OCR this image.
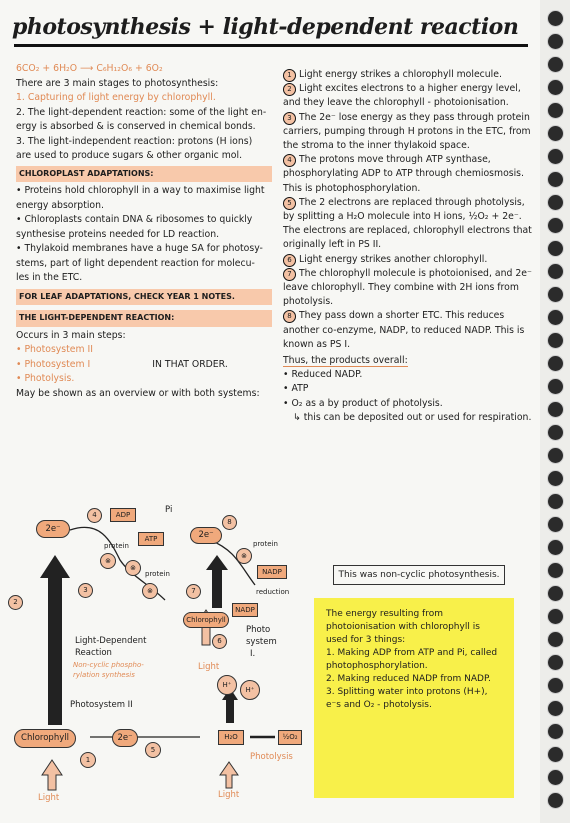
photosynthesis + light-dependent reaction
6CO₂ + 6H₂O ⟶ C₆H₁₂O₆ + 6O₂
There are 3 main stages to photosynthesis:
1. Capturing of light energy by chlorophyll.
2. The light-dependent reaction: some of the light en-
ergy is absorbed & is conserved in chemical bonds.
3. The light-independent reaction: protons (H ions)
are used to produce sugars & other organic mol.
CHLOROPLAST ADAPTATIONS:
• Proteins hold chlorophyll in a way to maximise light
energy absorption.
• Chloroplasts contain DNA & ribosomes to quickly
synthesise proteins needed for LD reaction.
• Thylakoid membranes have a huge SA for photosy-
stems, part of light dependent reaction for molecu-
les in the ETC.
FOR LEAF ADAPTATIONS, CHECK YEAR 1 NOTES. THE LIGHT-DEPENDENT REACTION:
Occurs in 3 main steps:
• Photosystem II
• Photosystem I	IN THAT ORDER.
• Photolysis.
May be shown as an overview or with both systems:
1 Light energy strikes a chlorophyll molecule.
2 Light excites electrons to a higher energy level, and they leave the chlorophyll - photoionisation.
3 The 2e⁻ lose energy as they pass through protein carriers, pumping through H protons in the ETC, from the stroma to the inner thylakoid space.
4 The protons move through ATP synthase, phosphorylating ADP to ATP through chemiosmosis. This is photophosphorylation.
5 The 2 electrons are replaced through photolysis, by splitting a H₂O molecule into H ions, ½O₂ + 2e⁻. The electrons are replaced, chlorophyll electrons that originally left in PS II.
6 Light energy strikes another chlorophyll.
7 The chlorophyll molecule is photoionised, and 2e⁻ leave chlorophyll. They combine with 2H ions from photolysis.
8 They pass down a shorter ETC. This reduces another co-enzyme, NADP, to reduced NADP. This is known as PS I.
Thus, the products overall:
• Reduced NADP.
• ATP
• O₂ as a by product of photolysis.
↳ this can be deposited out or used for respiration.
This was non-cyclic photosynthesis.
The energy resulting from photoionisation with chlorophyll is used for 3 things:
1. Making ADP from ATP and Pi, called photophosphorylation.
2. Making reduced NADP from NADP.
3. Splitting water into protons (H+), e⁻s and O₂ - photolysis.
2e⁻
ADP	Pi
ATP
4
3
2
protein
protein
⊗
⊗
⊗
2e⁻
8
7
⊗
protein
NADP
NADP
reduction
Chlorophyll
6
Photo
system
I.
Light
Light-Dependent
Reaction
Non-cyclic phospho-
rylation synthesis
Photosystem II
Chlorophyll
1
Light
2e⁻
5
H₂O	½O₂
H⁺
H⁺
Photolysis
Light
